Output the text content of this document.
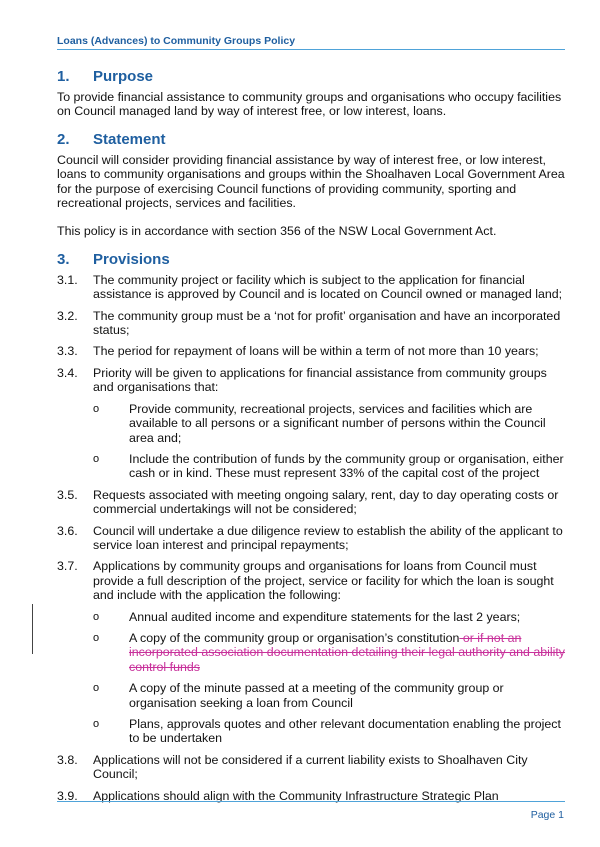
Loans (Advances) to Community Groups Policy
1.	Purpose

To provide financial assistance to community groups and organisations who occupy facilities on Council managed land by way of interest free, or low interest, loans.

2.	Statement

Council will consider providing financial assistance by way of interest free, or low interest, loans to community organisations and groups within the Shoalhaven Local Government Area for the purpose of exercising Council functions of providing community, sporting and recreational projects, services and facilities.

This policy is in accordance with section 356 of the NSW Local Government Act.

3.	Provisions
3.1.	The community project or facility which is subject to the application for financial assistance is approved by Council and is located on Council owned or managed land;
3.2.	The community group must be a ‘not for profit’ organisation and have an incorporated status;
3.3.	The period for repayment of loans will be within a term of not more than 10 years;
3.4.	Priority will be given to applications for financial assistance from community groups and organisations that:
o	Provide community, recreational projects, services and facilities which are available to all persons or a significant number of persons within the Council area and;
o	Include the contribution of funds by the community group or organisation, either cash or in kind. These must represent 33% of the capital cost of the project
3.5.	Requests associated with meeting ongoing salary, rent, day to day operating costs or commercial undertakings will not be considered;
3.6.	Council will undertake a due diligence review to establish the ability of the applicant to service loan interest and principal repayments;
3.7.	Applications by community groups and organisations for loans from Council must provide a full description of the project, service or facility for which the loan is sought and include with the application the following:
o	Annual audited income and expenditure statements for the last 2 years;
o	A copy of the community group or organisation’s constitution or if not an incorporated association documentation detailing their legal authority and ability control funds
o	A copy of the minute passed at a meeting of the community group or organisation seeking a loan from Council
o	Plans, approvals quotes and other relevant documentation enabling the project to be undertaken
3.8.	Applications will not be considered if a current liability exists to Shoalhaven City Council;
3.9.	Applications should align with the Community Infrastructure Strategic Plan
Page 1
